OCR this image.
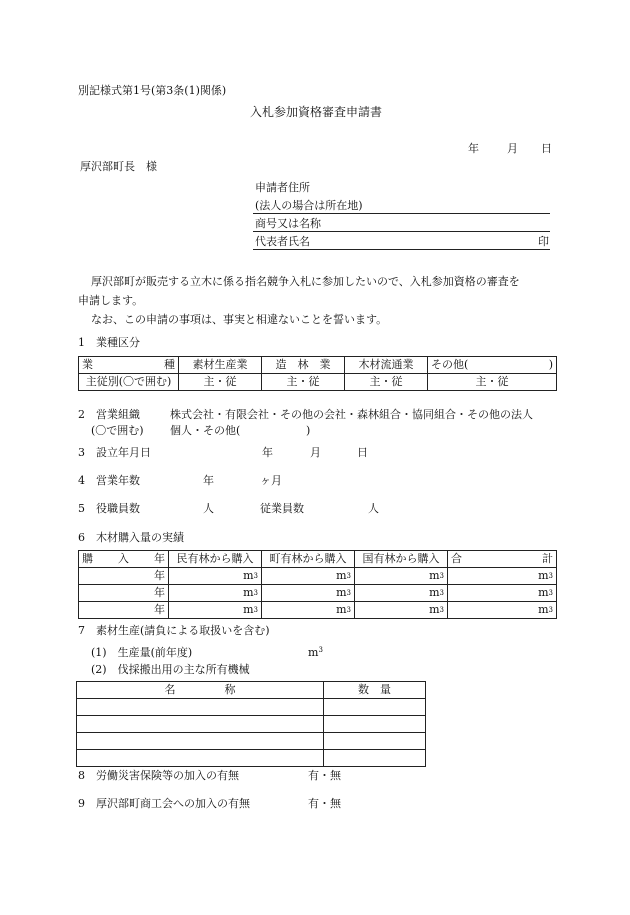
別記様式第1号(第3条(1)関係)
入札参加資格審査申請書
年	月 日
厚沢部町長　様
申請者住所
(法人の場合は所在地)
商号又は名称
代表者氏名	印
厚沢部町が販売する立木に係る指名競争入札に参加したいので、入札参加資格の審査を
申請します。
なお、この申請の事項は、事実と相違ないことを誓います。
1　業種区分
業 種	素材生産業	造　林　業	木材流通業	その他( )

主従別(〇で囲む)	主・従	主・従	主・従	主・従
2　営業組織	株式会社・有限会社・その他の会社・森林組合・協同組合・その他の法人
(〇で囲む) 個人・その他(	)
3　設立年月日	年	月	日
4　営業年数	年	ヶ月
5　役職員数	人	従業員数	人
6　木材購入量の実績
購 入 年	民有林から購入	町有林から購入	国有林から購入	合 計

年	$m^3$	$m^3$	$m^3$	$m^3$
年	$m^3$	$m^3$	$m^3$	$m^3$
年	$m^3$	$m^3$	$m^3$	$m^3$
7　素材生産(請負による取扱いを含む)
(1)　生産量(前年度)	$m^3$
(2)　伐採搬出用の主な所有機械
名 称	数　量

8　労働災害保険等の加入の有無	有・無
9　厚沢部町商工会への加入の有無	有・無
